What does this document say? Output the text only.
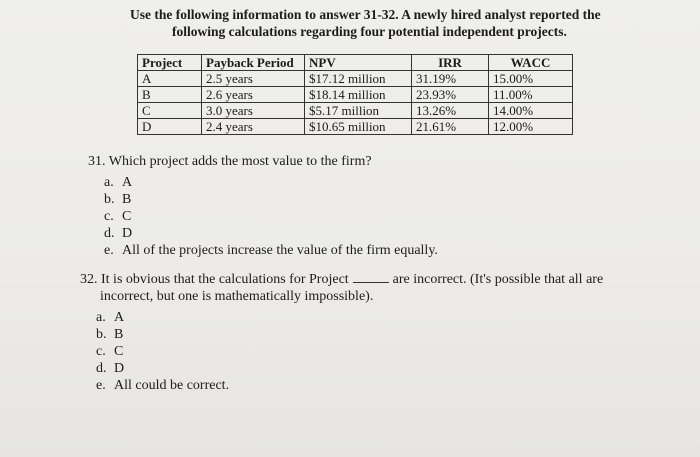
Use the following information to answer 31-32. A newly hired analyst reported the
following calculations regarding four potential independent projects.
Project	Payback Period	NPV	IRR	WACC
A	2.5 years	$17.12 million	31.19%	15.00%
B	2.6 years	$18.14 million	23.93%	11.00%
C	3.0 years	$5.17 million	13.26%	14.00%
D	2.4 years	$10.65 million	21.61%	12.00%
31. Which project adds the most value to the firm?
a. A
b. B
c. C
d. D
e. All of the projects increase the value of the firm equally.
32. It is obvious that the calculations for Project	are incorrect. (It's possible that all are
incorrect, but one is mathematically impossible).
a. A
b. B
c. C
d. D
e. All could be correct.
